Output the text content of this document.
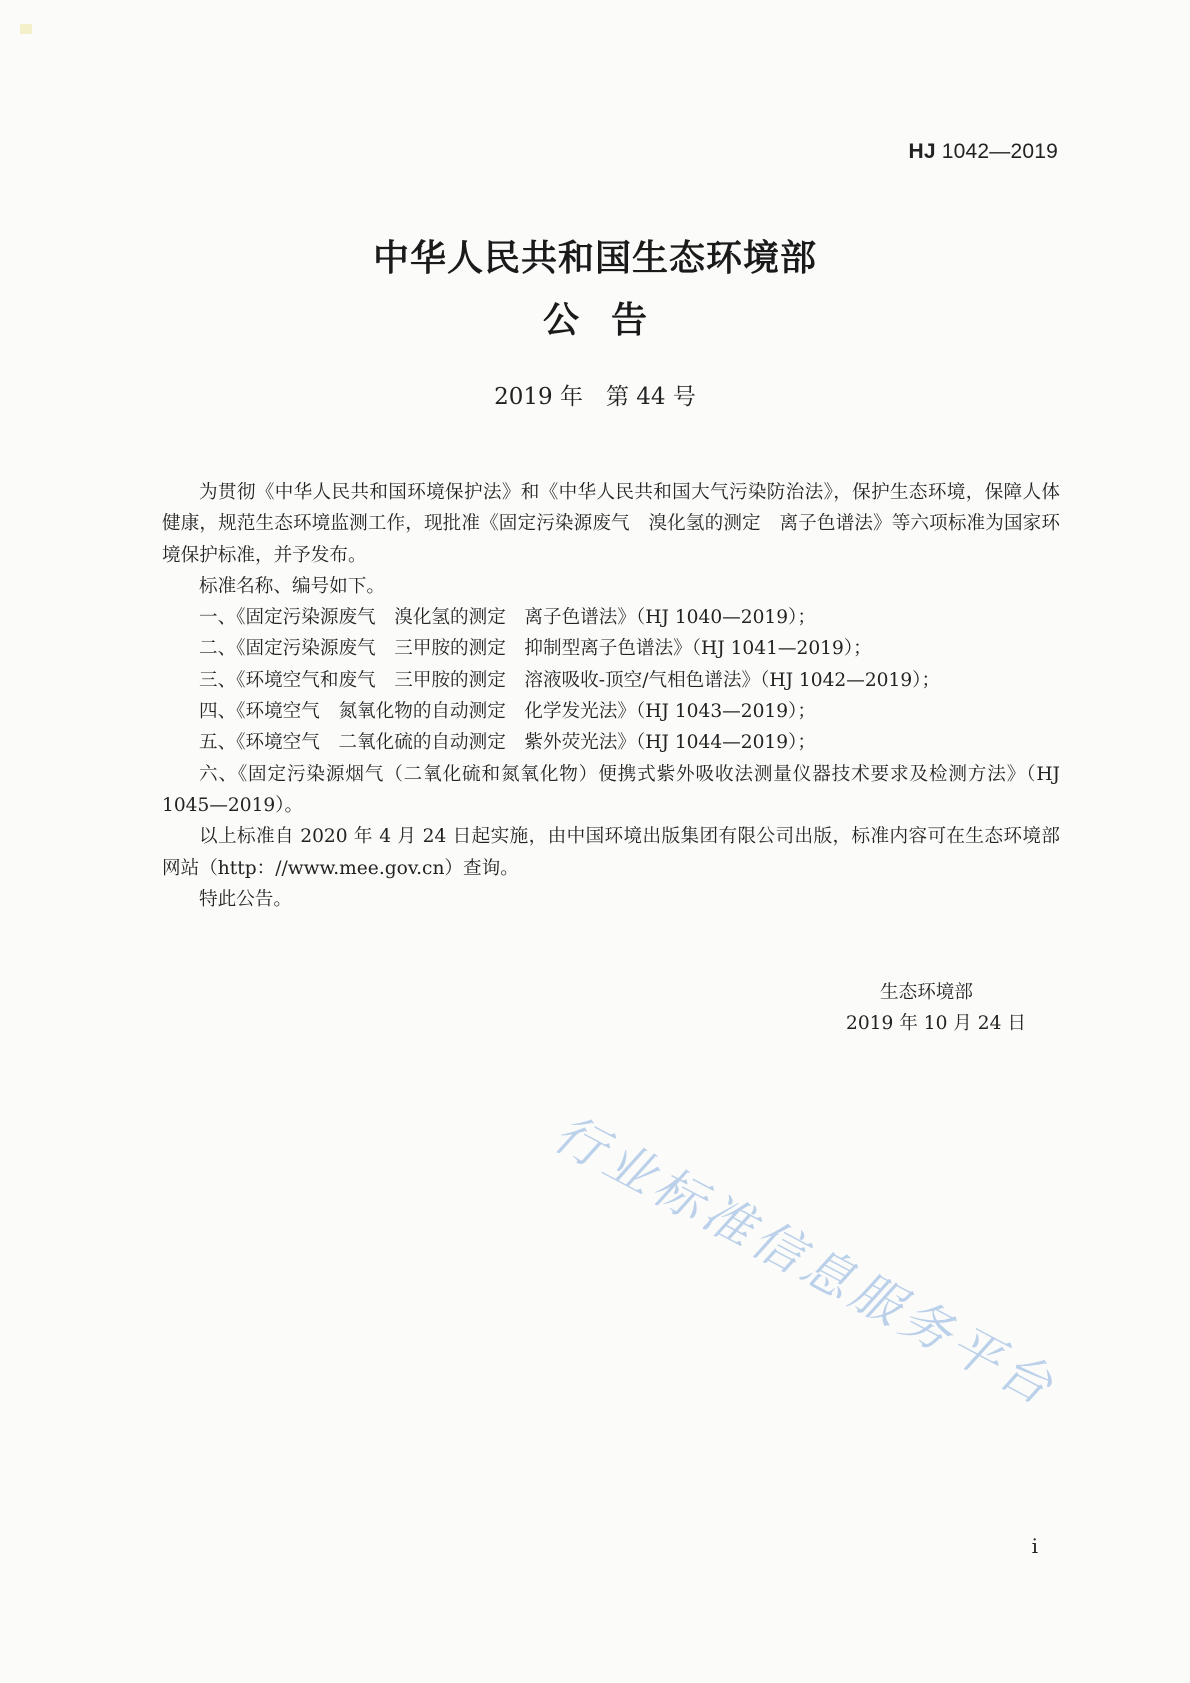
HJ 1042—2019
中华人民共和国生态环境部
公告
2019 年　第 44 号

为贯彻《中华人民共和国环境保护法》和《中华人民共和国大气污染防治法》，保护生态环境，保障人体健康，规范生态环境监测工作，现批准《固定污染源废气　溴化氢的测定　离子色谱法》等六项标准为国家环境保护标准，并予发布。

标准名称、编号如下。

一、《固定污染源废气　溴化氢的测定　离子色谱法》（HJ 1040—2019）；

二、《固定污染源废气　三甲胺的测定　抑制型离子色谱法》（HJ 1041—2019）；

三、《环境空气和废气　三甲胺的测定　溶液吸收-顶空/气相色谱法》（HJ 1042—2019）；

四、《环境空气　氮氧化物的自动测定　化学发光法》（HJ 1043—2019）；

五、《环境空气　二氧化硫的自动测定　紫外荧光法》（HJ 1044—2019）；

六、《固定污染源烟气（二氧化硫和氮氧化物）便携式紫外吸收法测量仪器技术要求及检测方法》（HJ 1045—2019）。

以上标准自 2020 年 4 月 24 日起实施，由中国环境出版集团有限公司出版，标准内容可在生态环境部网站（http：//www.mee.gov.cn）查询。

特此公告。

生态环境部
2019 年 10 月 24 日
行业标准信息服务平台
i
